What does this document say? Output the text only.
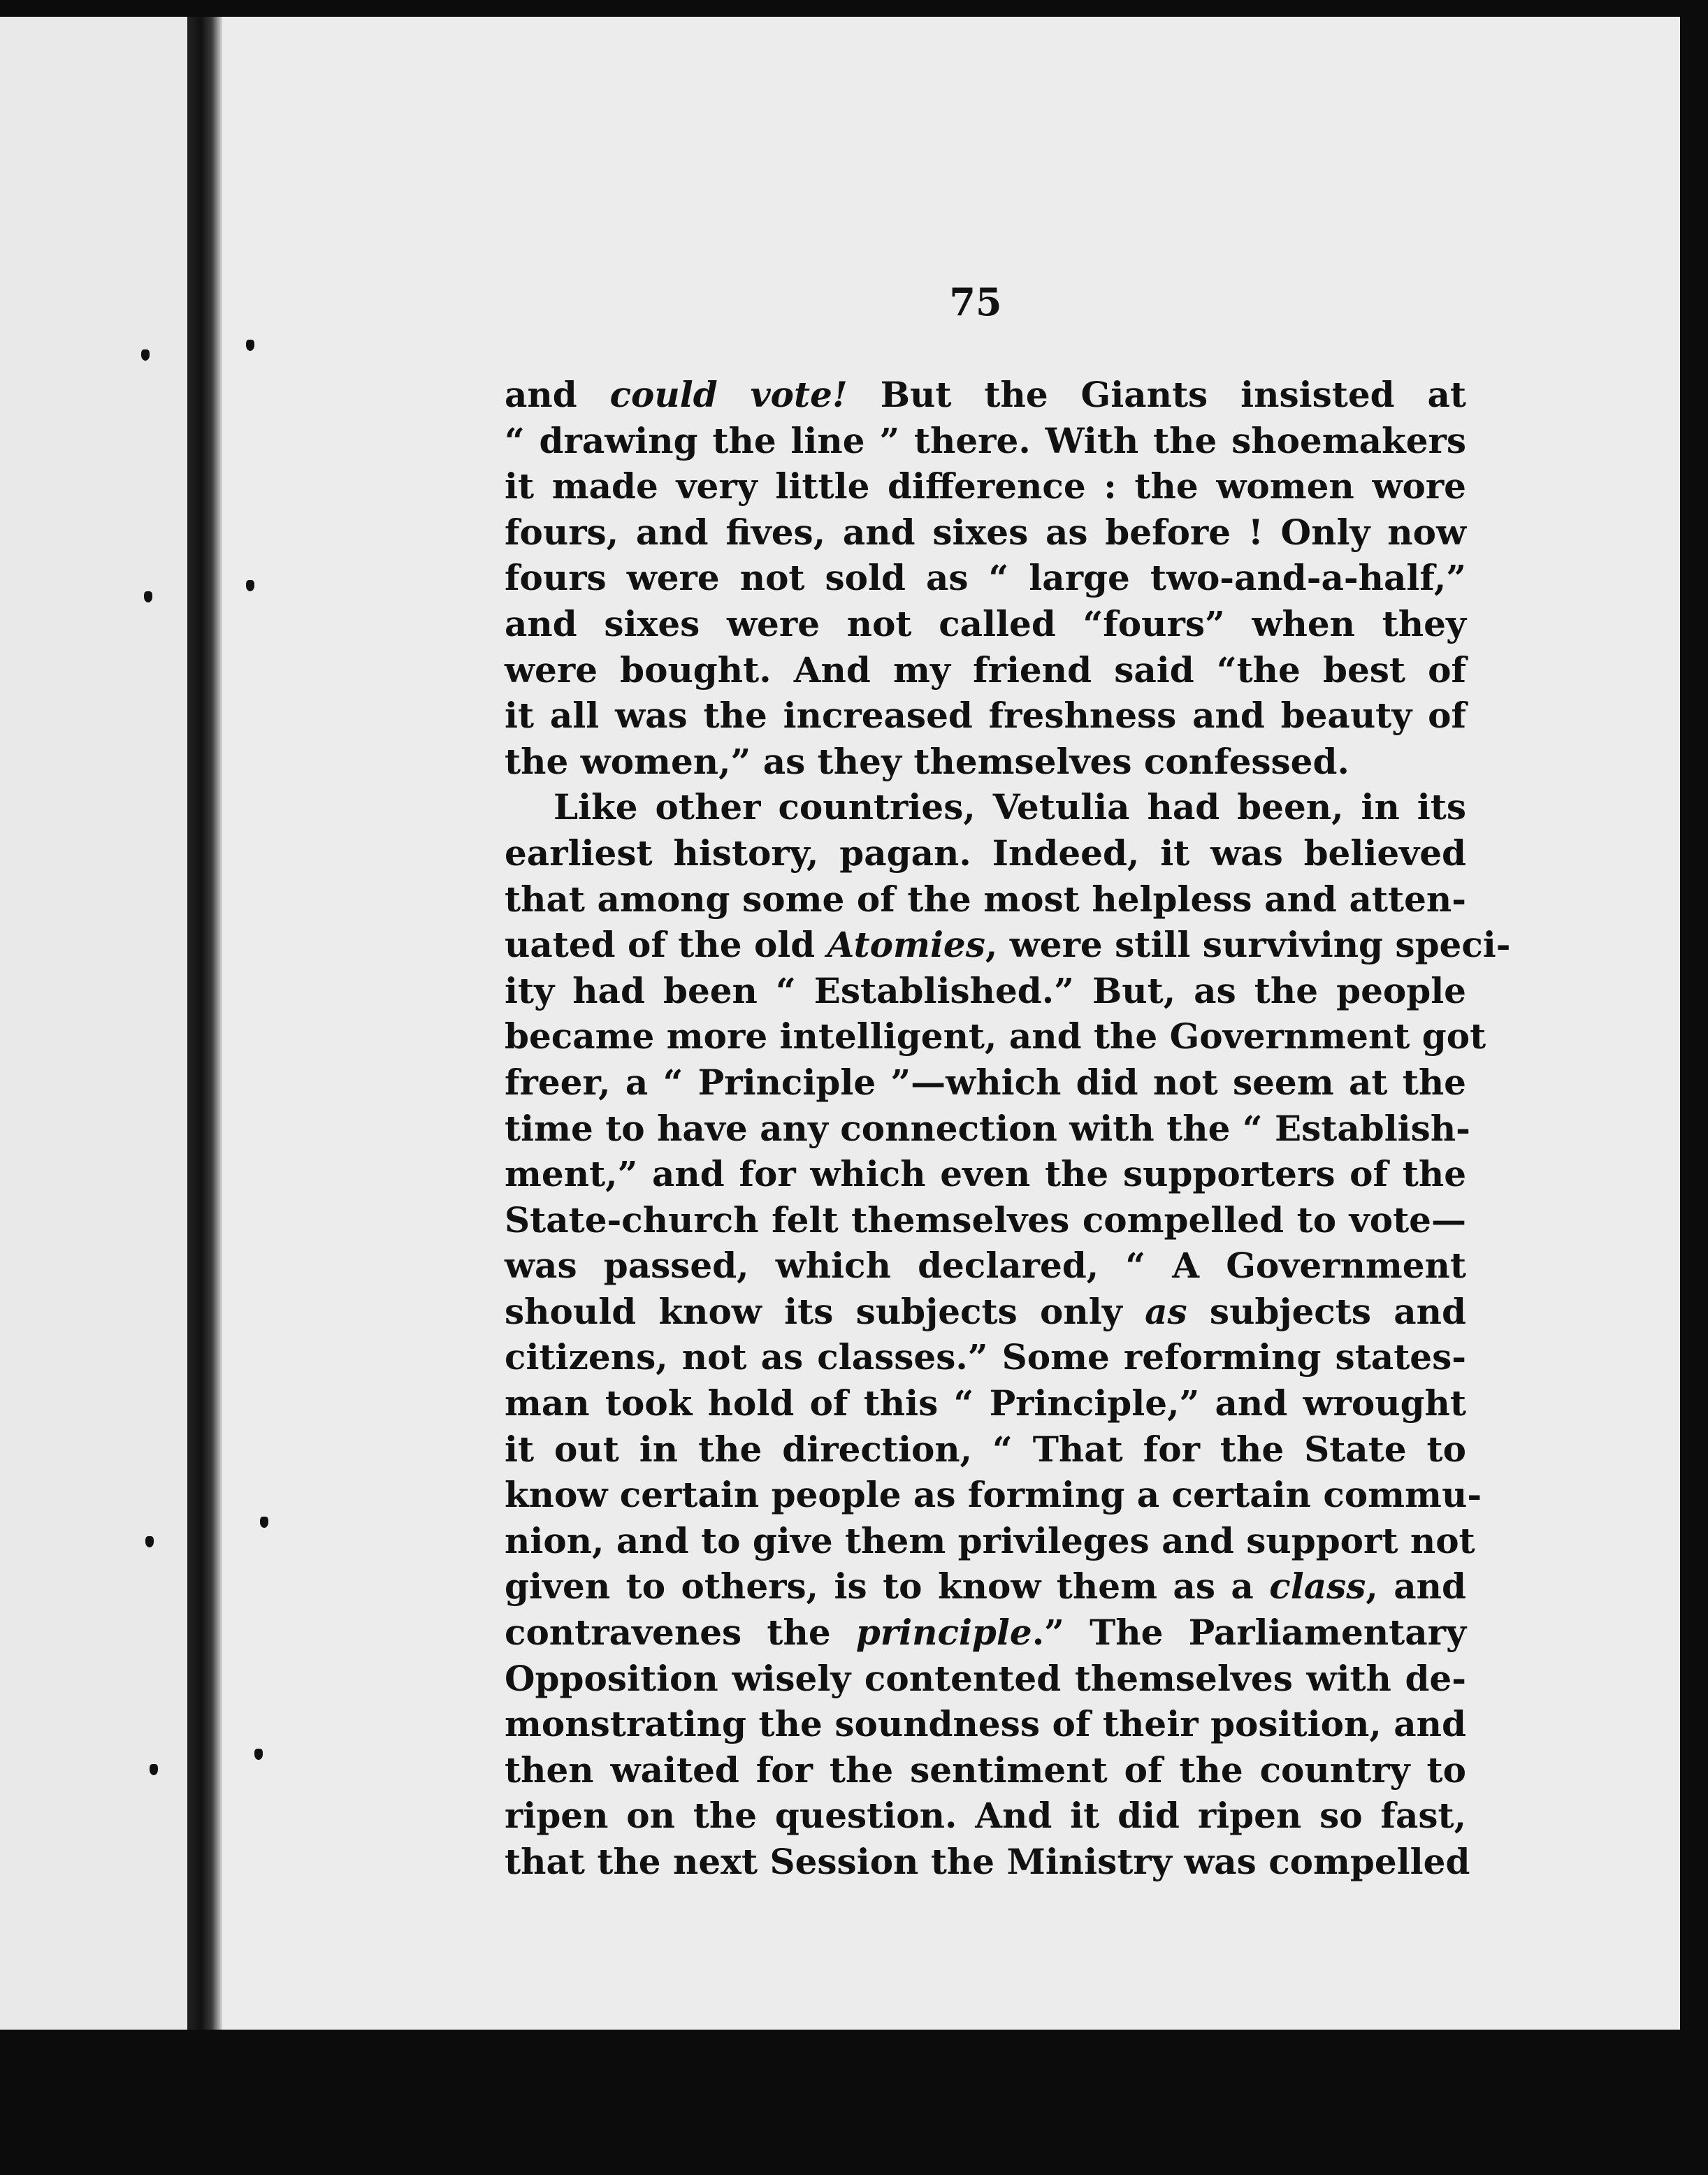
75
and could vote! But the Giants insisted at
“ drawing the line ” there. With the shoemakers
it made very little difference : the women wore
fours, and fives, and sixes as before ! Only now
fours were not sold as “ large two-and-a-half,”
and sixes were not called “fours” when they
were bought. And my friend said “the best of
it all was the increased freshness and beauty of
the women,” as they themselves confessed.
Like other countries, Vetulia had been, in its
earliest history, pagan. Indeed, it was believed
that among some of the most helpless and atten-
uated of the old Atomies, were still surviving speci-
ity had been “ Established.” But, as the people
became more intelligent, and the Government got
freer, a “ Principle ”—which did not seem at the
time to have any connection with the “ Establish-
ment,” and for which even the supporters of the
State-church felt themselves compelled to vote—
was passed, which declared, “ A Government
should know its subjects only as subjects and
citizens, not as classes.” Some reforming states-
man took hold of this “ Principle,” and wrought
it out in the direction, “ That for the State to
know certain people as forming a certain commu-
nion, and to give them privileges and support not
given to others, is to know them as a class, and
contravenes the principle.” The Parliamentary
Opposition wisely contented themselves with de-
monstrating the soundness of their position, and
then waited for the sentiment of the country to
ripen on the question. And it did ripen so fast,
that the next Session the Ministry was compelled
